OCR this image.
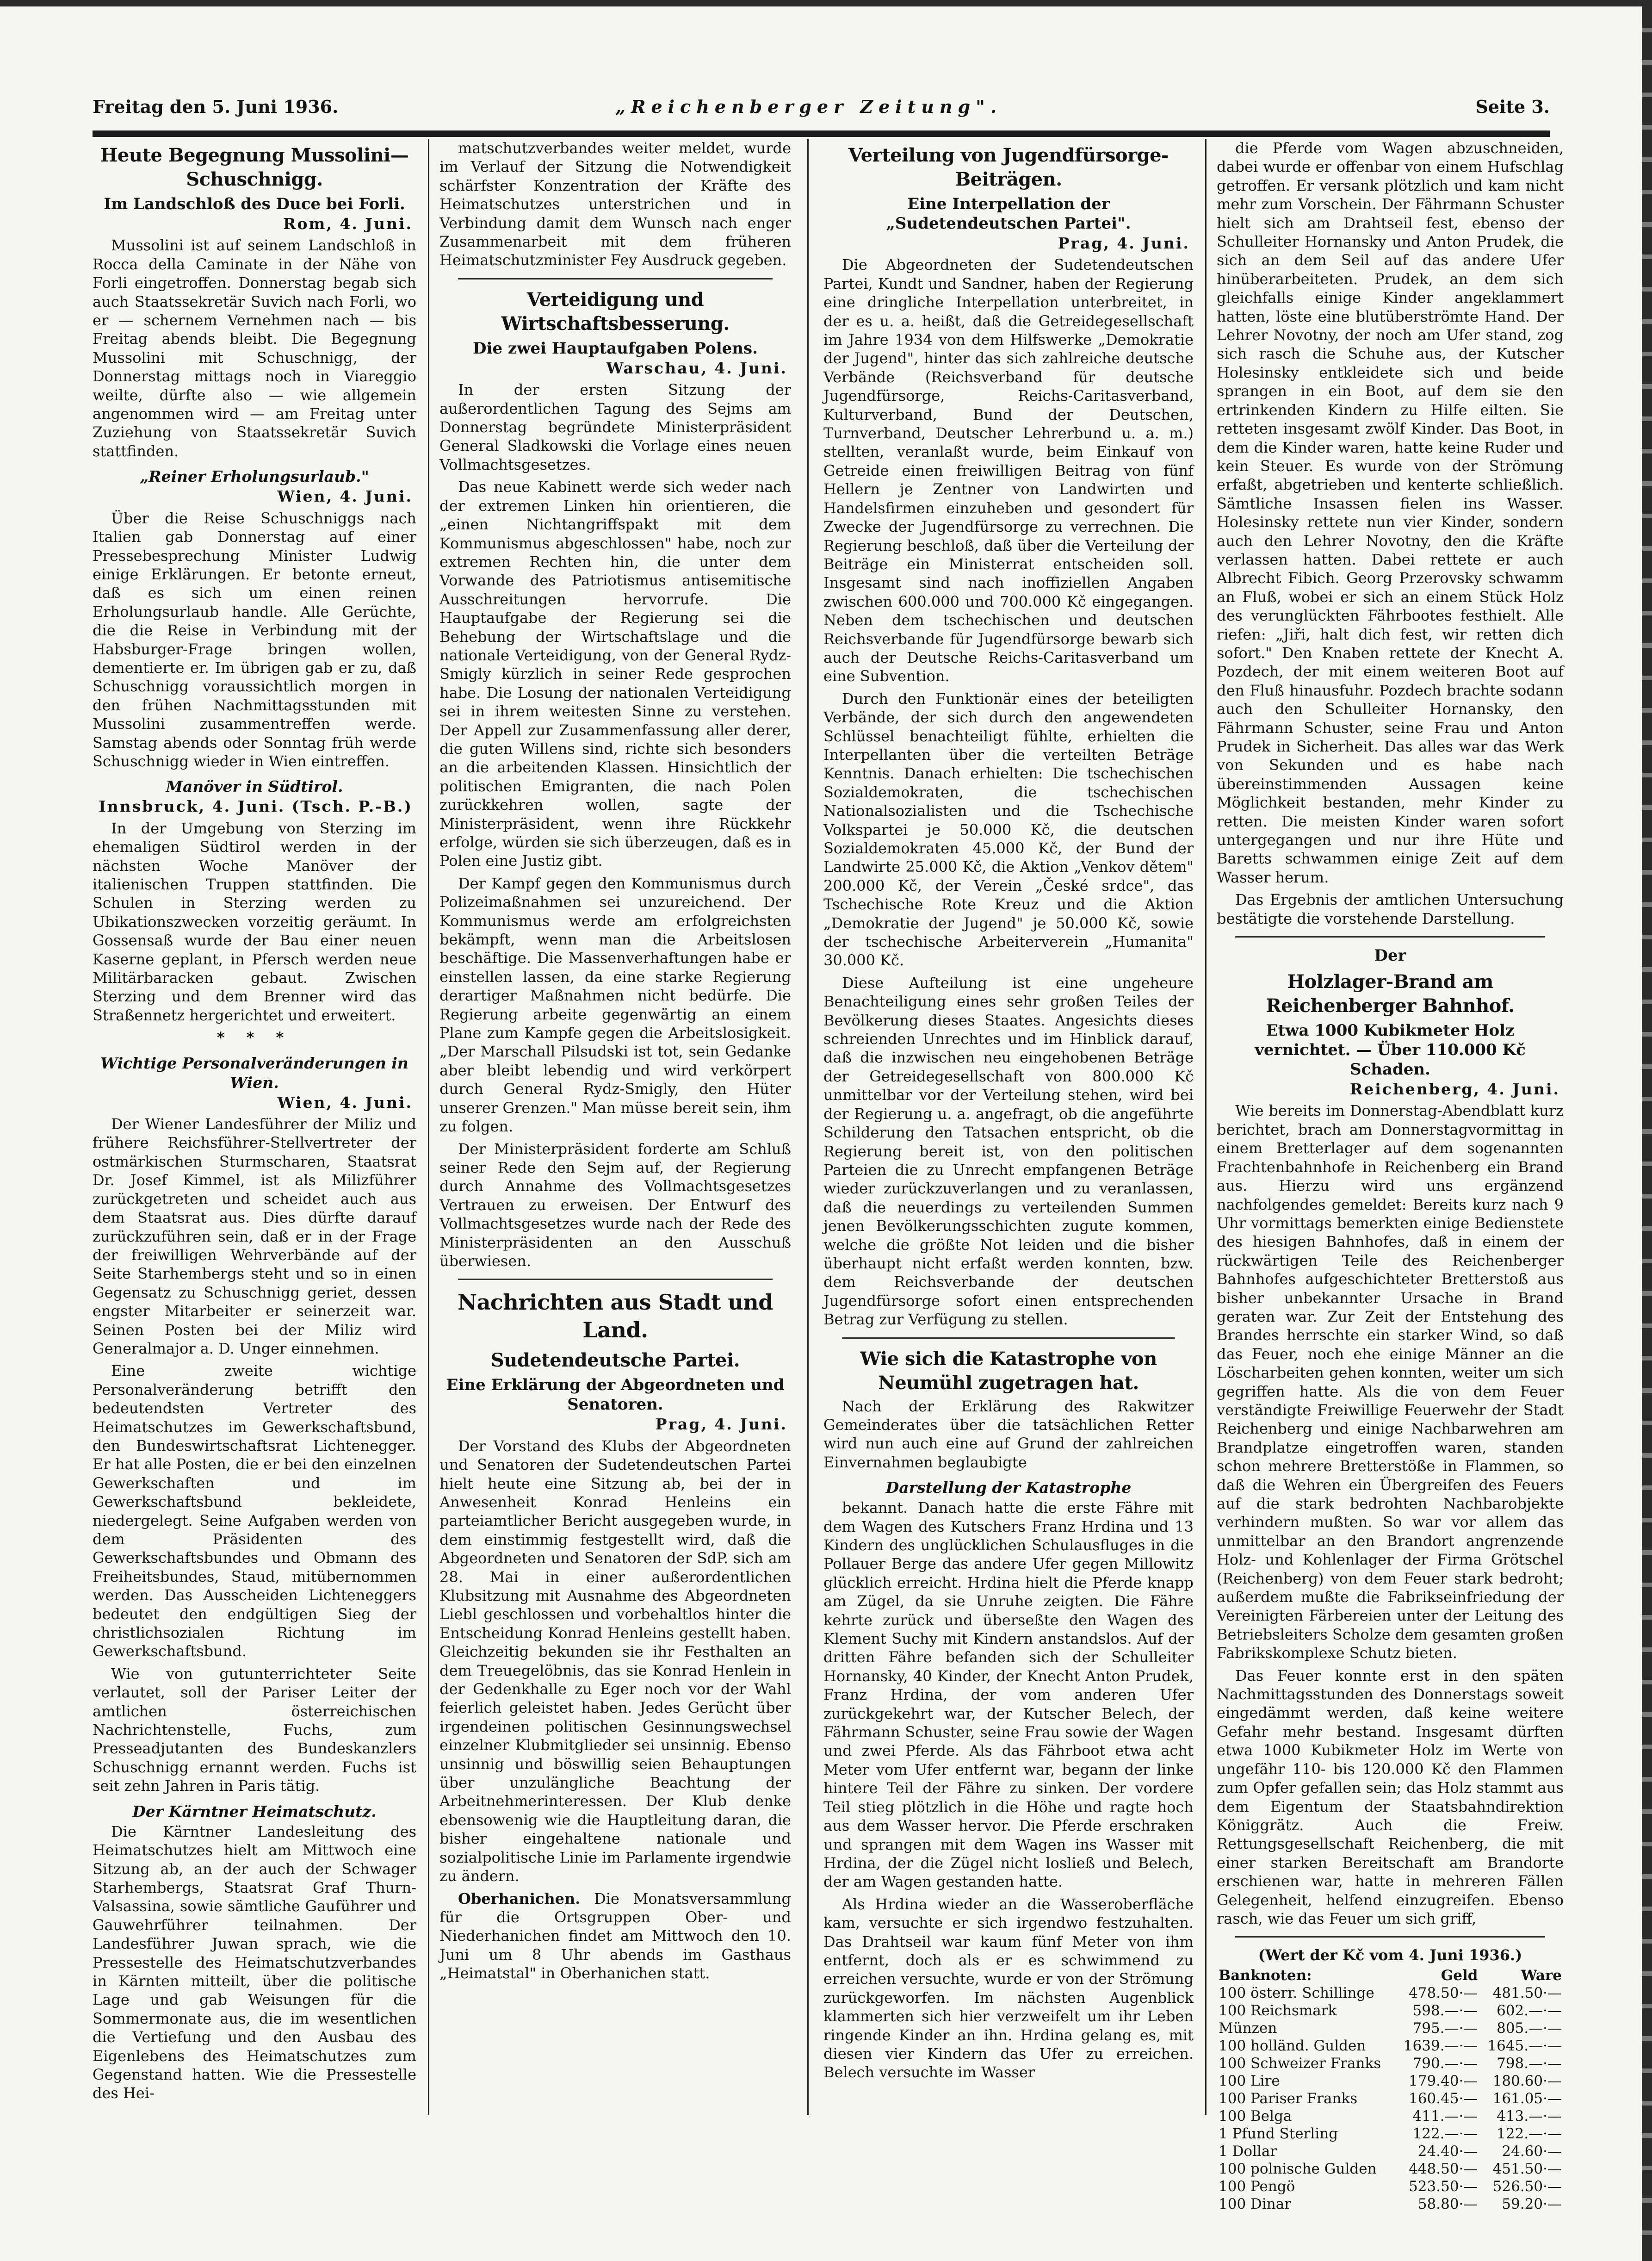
Freitag den 5. Juni 1936.	„Reichenberger Zeitung".	Seite 3.
Heute Begegnung Mussolini—Schuschnigg.
Im Landschloß des Duce bei Forli.
Rom, 4. Juni.

Mussolini ist auf seinem Landschloß in Rocca della Caminate in der Nähe von Forli eingetroffen. Donnerstag begab sich auch Staatssekretär Suvich nach Forli, wo er — schernem Vernehmen nach — bis Freitag abends bleibt. Die Begegnung Mussolini mit Schuschnigg, der Donnerstag mittags noch in Viareggio weilte, dürfte also — wie allgemein angenommen wird — am Freitag unter Zuziehung von Staatssekretär Suvich stattfinden.

„Reiner Erholungsurlaub."
Wien, 4. Juni.

Über die Reise Schuschniggs nach Italien gab Donnerstag auf einer Pressebesprechung Minister Ludwig einige Erklärungen. Er betonte erneut, daß es sich um einen reinen Erholungsurlaub handle. Alle Gerüchte, die die Reise in Verbindung mit der Habsburger-Frage bringen wollen, dementierte er. Im übrigen gab er zu, daß Schuschnigg voraussichtlich morgen in den frühen Nachmittagsstunden mit Mussolini zusammentreffen werde. Samstag abends oder Sonntag früh werde Schuschnigg wieder in Wien eintreffen.

Manöver in Südtirol.
Innsbruck, 4. Juni. (Tsch. P.-B.)

In der Umgebung von Sterzing im ehemaligen Südtirol werden in der nächsten Woche Manöver der italienischen Truppen stattfinden. Die Schulen in Sterzing werden zu Ubikationszwecken vorzeitig geräumt. In Gossensaß wurde der Bau einer neuen Kaserne geplant, in Pfersch werden neue Militärbaracken gebaut. Zwischen Sterzing und dem Brenner wird das Straßennetz hergerichtet und erweitert.

* * *
Wichtige Personalveränderungen in Wien.
Wien, 4. Juni.

Der Wiener Landesführer der Miliz und frühere Reichsführer-Stellvertreter der ostmärkischen Sturmscharen, Staatsrat Dr. Josef Kimmel, ist als Milizführer zurückgetreten und scheidet auch aus dem Staatsrat aus. Dies dürfte darauf zurückzuführen sein, daß er in der Frage der freiwilligen Wehrverbände auf der Seite Starhembergs steht und so in einen Gegensatz zu Schuschnigg geriet, dessen engster Mitarbeiter er seinerzeit war. Seinen Posten bei der Miliz wird Generalmajor a. D. Unger einnehmen.

Eine zweite wichtige Personalveränderung betrifft den bedeutendsten Vertreter des Heimatschutzes im Gewerkschaftsbund, den Bundeswirtschaftsrat Lichtenegger. Er hat alle Posten, die er bei den einzelnen Gewerkschaften und im Gewerkschaftsbund bekleidete, niedergelegt. Seine Aufgaben werden von dem Präsidenten des Gewerkschaftsbundes und Obmann des Freiheitsbundes, Staud, mitübernommen werden. Das Ausscheiden Lichteneggers bedeutet den endgültigen Sieg der christlichsozialen Richtung im Gewerkschaftsbund.

Wie von gutunterrichteter Seite verlautet, soll der Pariser Leiter der amtlichen österreichischen Nachrichtenstelle, Fuchs, zum Presseadjutanten des Bundeskanzlers Schuschnigg ernannt werden. Fuchs ist seit zehn Jahren in Paris tätig.

Der Kärntner Heimatschutz.

Die Kärntner Landesleitung des Heimatschutzes hielt am Mittwoch eine Sitzung ab, an der auch der Schwager Starhembergs, Staatsrat Graf Thurn-Valsassina, sowie sämtliche Gauführer und Gauwehrführer teilnahmen. Der Landesführer Juwan sprach, wie die Pressestelle des Heimatschutzverbandes in Kärnten mitteilt, über die politische Lage und gab Weisungen für die Sommermonate aus, die im wesentlichen die Vertiefung und den Ausbau des Eigenlebens des Heimatschutzes zum Gegenstand hatten. Wie die Pressestelle des Hei-

matschutzverbandes weiter meldet, wurde im Verlauf der Sitzung die Notwendigkeit schärfster Konzentration der Kräfte des Heimatschutzes unterstrichen und in Verbindung damit dem Wunsch nach enger Zusammenarbeit mit dem früheren Heimatschutzminister Fey Ausdruck gegeben.

Verteidigung und Wirtschaftsbesserung.
Die zwei Hauptaufgaben Polens.
Warschau, 4. Juni.

In der ersten Sitzung der außerordentlichen Tagung des Sejms am Donnerstag begründete Ministerpräsident General Sladkowski die Vorlage eines neuen Vollmachtsgesetzes.

Das neue Kabinett werde sich weder nach der extremen Linken hin orientieren, die „einen Nichtangriffspakt mit dem Kommunismus abgeschlossen" habe, noch zur extremen Rechten hin, die unter dem Vorwande des Patriotismus antisemitische Ausschreitungen hervorrufe. Die Hauptaufgabe der Regierung sei die Behebung der Wirtschaftslage und die nationale Verteidigung, von der General Rydz-Smigly kürzlich in seiner Rede gesprochen habe. Die Losung der nationalen Verteidigung sei in ihrem weitesten Sinne zu verstehen. Der Appell zur Zusammenfassung aller derer, die guten Willens sind, richte sich besonders an die arbeitenden Klassen. Hinsichtlich der politischen Emigranten, die nach Polen zurückkehren wollen, sagte der Ministerpräsident, wenn ihre Rückkehr erfolge, würden sie sich überzeugen, daß es in Polen eine Justiz gibt.

Der Kampf gegen den Kommunismus durch Polizeimaßnahmen sei unzureichend. Der Kommunismus werde am erfolgreichsten bekämpft, wenn man die Arbeitslosen beschäftige. Die Massenverhaftungen habe er einstellen lassen, da eine starke Regierung derartiger Maßnahmen nicht bedürfe. Die Regierung arbeite gegenwärtig an einem Plane zum Kampfe gegen die Arbeitslosigkeit. „Der Marschall Pilsudski ist tot, sein Gedanke aber bleibt lebendig und wird verkörpert durch General Rydz-Smigly, den Hüter unserer Grenzen." Man müsse bereit sein, ihm zu folgen.

Der Ministerpräsident forderte am Schluß seiner Rede den Sejm auf, der Regierung durch Annahme des Vollmachtsgesetzes Vertrauen zu erweisen. Der Entwurf des Vollmachtsgesetzes wurde nach der Rede des Ministerpräsidenten an den Ausschuß überwiesen.

Nachrichten aus Stadt und Land.
Sudetendeutsche Partei.
Eine Erklärung der Abgeordneten und Senatoren.
Prag, 4. Juni.

Der Vorstand des Klubs der Abgeordneten und Senatoren der Sudetendeutschen Partei hielt heute eine Sitzung ab, bei der in Anwesenheit Konrad Henleins ein parteiamtlicher Bericht ausgegeben wurde, in dem einstimmig festgestellt wird, daß die Abgeordneten und Senatoren der SdP. sich am 28. Mai in einer außerordentlichen Klubsitzung mit Ausnahme des Abgeordneten Liebl geschlossen und vorbehaltlos hinter die Entscheidung Konrad Henleins gestellt haben. Gleichzeitig bekunden sie ihr Festhalten an dem Treuegelöbnis, das sie Konrad Henlein in der Gedenkhalle zu Eger noch vor der Wahl feierlich geleistet haben. Jedes Gerücht über irgendeinen politischen Gesinnungswechsel einzelner Klubmitglieder sei unsinnig. Ebenso unsinnig und böswillig seien Behauptungen über unzulängliche Beachtung der Arbeitnehmerinteressen. Der Klub denke ebensowenig wie die Hauptleitung daran, die bisher eingehaltene nationale und sozialpolitische Linie im Parlamente irgendwie zu ändern.

Oberhanichen. Die Monatsversammlung für die Ortsgruppen Ober- und Niederhanichen findet am Mittwoch den 10. Juni um 8 Uhr abends im Gasthaus „Heimatstal" in Oberhanichen statt.

Verteilung von Jugendfürsorge-Beiträgen.
Eine Interpellation der „Sudetendeutschen Partei".
Prag, 4. Juni.

Die Abgeordneten der Sudetendeutschen Partei, Kundt und Sandner, haben der Regierung eine dringliche Interpellation unterbreitet, in der es u. a. heißt, daß die Getreidegesellschaft im Jahre 1934 von dem Hilfswerke „Demokratie der Jugend", hinter das sich zahlreiche deutsche Verbände (Reichsverband für deutsche Jugendfürsorge, Reichs-Caritasverband, Kulturverband, Bund der Deutschen, Turnverband, Deutscher Lehrerbund u. a. m.) stellten, veranlaßt wurde, beim Einkauf von Getreide einen freiwilligen Beitrag von fünf Hellern je Zentner von Landwirten und Handelsfirmen einzuheben und gesondert für Zwecke der Jugendfürsorge zu verrechnen. Die Regierung beschloß, daß über die Verteilung der Beiträge ein Ministerrat entscheiden soll. Insgesamt sind nach inoffiziellen Angaben zwischen 600.000 und 700.000 Kč eingegangen. Neben dem tschechischen und deutschen Reichsverbande für Jugendfürsorge bewarb sich auch der Deutsche Reichs-Caritasverband um eine Subvention.

Durch den Funktionär eines der beteiligten Verbände, der sich durch den angewendeten Schlüssel benachteiligt fühlte, erhielten die Interpellanten über die verteilten Beträge Kenntnis. Danach erhielten: Die tschechischen Sozialdemokraten, die tschechischen Nationalsozialisten und die Tschechische Volkspartei je 50.000 Kč, die deutschen Sozialdemokraten 45.000 Kč, der Bund der Landwirte 25.000 Kč, die Aktion „Venkov dětem" 200.000 Kč, der Verein „České srdce", das Tschechische Rote Kreuz und die Aktion „Demokratie der Jugend" je 50.000 Kč, sowie der tschechische Arbeiterverein „Humanita" 30.000 Kč.

Diese Aufteilung ist eine ungeheure Benachteiligung eines sehr großen Teiles der Bevölkerung dieses Staates. Angesichts dieses schreienden Unrechtes und im Hinblick darauf, daß die inzwischen neu eingehobenen Beträge der Getreidegesellschaft von 800.000 Kč unmittelbar vor der Verteilung stehen, wird bei der Regierung u. a. angefragt, ob die angeführte Schilderung den Tatsachen entspricht, ob die Regierung bereit ist, von den politischen Parteien die zu Unrecht empfangenen Beträge wieder zurückzuverlangen und zu veranlassen, daß die neuerdings zu verteilenden Summen jenen Bevölkerungsschichten zugute kommen, welche die größte Not leiden und die bisher überhaupt nicht erfaßt werden konnten, bzw. dem Reichsverbande der deutschen Jugendfürsorge sofort einen entsprechenden Betrag zur Verfügung zu stellen.

Wie sich die Katastrophe von Neumühl zugetragen hat.

Nach der Erklärung des Rakwitzer Gemeinderates über die tatsächlichen Retter wird nun auch eine auf Grund der zahlreichen Einvernahmen beglaubigte

Darstellung der Katastrophe

bekannt. Danach hatte die erste Fähre mit dem Wagen des Kutschers Franz Hrdina und 13 Kindern des unglücklichen Schulausfluges in die Pollauer Berge das andere Ufer gegen Millowitz glücklich erreicht. Hrdina hielt die Pferde knapp am Zügel, da sie Unruhe zeigten. Die Fähre kehrte zurück und überseßte den Wagen des Klement Suchy mit Kindern anstandslos. Auf der dritten Fähre befanden sich der Schulleiter Hornansky, 40 Kinder, der Knecht Anton Prudek, Franz Hrdina, der vom anderen Ufer zurückgekehrt war, der Kutscher Belech, der Fährmann Schuster, seine Frau sowie der Wagen und zwei Pferde. Als das Fährboot etwa acht Meter vom Ufer entfernt war, begann der linke hintere Teil der Fähre zu sinken. Der vordere Teil stieg plötzlich in die Höhe und ragte hoch aus dem Wasser hervor. Die Pferde erschraken und sprangen mit dem Wagen ins Wasser mit Hrdina, der die Zügel nicht losließ und Belech, der am Wagen gestanden hatte.

Als Hrdina wieder an die Wasseroberfläche kam, versuchte er sich irgendwo festzuhalten. Das Drahtseil war kaum fünf Meter von ihm entfernt, doch als er es schwimmend zu erreichen versuchte, wurde er von der Strömung zurückgeworfen. Im nächsten Augenblick klammerten sich hier verzweifelt um ihr Leben ringende Kinder an ihn. Hrdina gelang es, mit diesen vier Kindern das Ufer zu erreichen. Belech versuchte im Wasser

die Pferde vom Wagen abzuschneiden, dabei wurde er offenbar von einem Hufschlag getroffen. Er versank plötzlich und kam nicht mehr zum Vorschein. Der Fährmann Schuster hielt sich am Drahtseil fest, ebenso der Schulleiter Hornansky und Anton Prudek, die sich an dem Seil auf das andere Ufer hinüberarbeiteten. Prudek, an dem sich gleichfalls einige Kinder angeklammert hatten, löste eine blutüberströmte Hand. Der Lehrer Novotny, der noch am Ufer stand, zog sich rasch die Schuhe aus, der Kutscher Holesinsky entkleidete sich und beide sprangen in ein Boot, auf dem sie den ertrinkenden Kindern zu Hilfe eilten. Sie retteten insgesamt zwölf Kinder. Das Boot, in dem die Kinder waren, hatte keine Ruder und kein Steuer. Es wurde von der Strömung erfaßt, abgetrieben und kenterte schließlich. Sämtliche Insassen fielen ins Wasser. Holesinsky rettete nun vier Kinder, sondern auch den Lehrer Novotny, den die Kräfte verlassen hatten. Dabei rettete er auch Albrecht Fibich. Georg Przerovsky schwamm an Fluß, wobei er sich an einem Stück Holz des verunglückten Fährbootes festhielt. Alle riefen: „Jiři, halt dich fest, wir retten dich sofort." Den Knaben rettete der Knecht A. Pozdech, der mit einem weiteren Boot auf den Fluß hinausfuhr. Pozdech brachte sodann auch den Schulleiter Hornansky, den Fährmann Schuster, seine Frau und Anton Prudek in Sicherheit. Das alles war das Werk von Sekunden und es habe nach übereinstimmenden Aussagen keine Möglichkeit bestanden, mehr Kinder zu retten. Die meisten Kinder waren sofort untergegangen und nur ihre Hüte und Baretts schwammen einige Zeit auf dem Wasser herum.

Das Ergebnis der amtlichen Untersuchung bestätigte die vorstehende Darstellung.

Der
Holzlager-Brand am Reichenberger Bahnhof.
Etwa 1000 Kubikmeter Holz vernichtet. — Über 110.000 Kč Schaden.
Reichenberg, 4. Juni.

Wie bereits im Donnerstag-Abendblatt kurz berichtet, brach am Donnerstagvormittag in einem Bretterlager auf dem sogenannten Frachtenbahnhofe in Reichenberg ein Brand aus. Hierzu wird uns ergänzend nachfolgendes gemeldet: Bereits kurz nach 9 Uhr vormittags bemerkten einige Bedienstete des hiesigen Bahnhofes, daß in einem der rückwärtigen Teile des Reichenberger Bahnhofes aufgeschichteter Bretterstoß aus bisher unbekannter Ursache in Brand geraten war. Zur Zeit der Entstehung des Brandes herrschte ein starker Wind, so daß das Feuer, noch ehe einige Männer an die Löscharbeiten gehen konnten, weiter um sich gegriffen hatte. Als die von dem Feuer verständigte Freiwillige Feuerwehr der Stadt Reichenberg und einige Nachbarwehren am Brandplatze eingetroffen waren, standen schon mehrere Bretterstöße in Flammen, so daß die Wehren ein Übergreifen des Feuers auf die stark bedrohten Nachbarobjekte verhindern mußten. So war vor allem das unmittelbar an den Brandort angrenzende Holz- und Kohlenlager der Firma Grötschel (Reichenberg) von dem Feuer stark bedroht; außerdem mußte die Fabrikseinfriedung der Vereinigten Färbereien unter der Leitung des Betriebsleiters Scholze dem gesamten großen Fabrikskomplexe Schutz bieten.

Das Feuer konnte erst in den späten Nachmittagsstunden des Donnerstags soweit eingedämmt werden, daß keine weitere Gefahr mehr bestand. Insgesamt dürften etwa 1000 Kubikmeter Holz im Werte von ungefähr 110- bis 120.000 Kč den Flammen zum Opfer gefallen sein; das Holz stammt aus dem Eigentum der Staatsbahndirektion Königgrätz. Auch die Freiw. Rettungsgesellschaft Reichenberg, die mit einer starken Bereitschaft am Brandorte erschienen war, hatte in mehreren Fällen Gelegenheit, helfend einzugreifen. Ebenso rasch, wie das Feuer um sich griff,

(Wert der Kč vom 4. Juni 1936.)
Banknoten:	Geld	Ware
100 österr. Schillinge	478.50·—	481.50·—
100 Reichsmark	598.—·—	602.—·—
Münzen	795.—·—	805.—·—
100 holländ. Gulden	1639.—·—	1645.—·—
100 Schweizer Franks	790.—·—	798.—·—
100 Lire	179.40·—	180.60·—
100 Pariser Franks	160.45·—	161.05·—
100 Belga	411.—·—	413.—·—
1 Pfund Sterling	122.—·—	122.—·—
1 Dollar	24.40·—	24.60·—
100 polnische Gulden	448.50·—	451.50·—
100 Pengö	523.50·—	526.50·—
100 Dinar	58.80·—	59.20·—
